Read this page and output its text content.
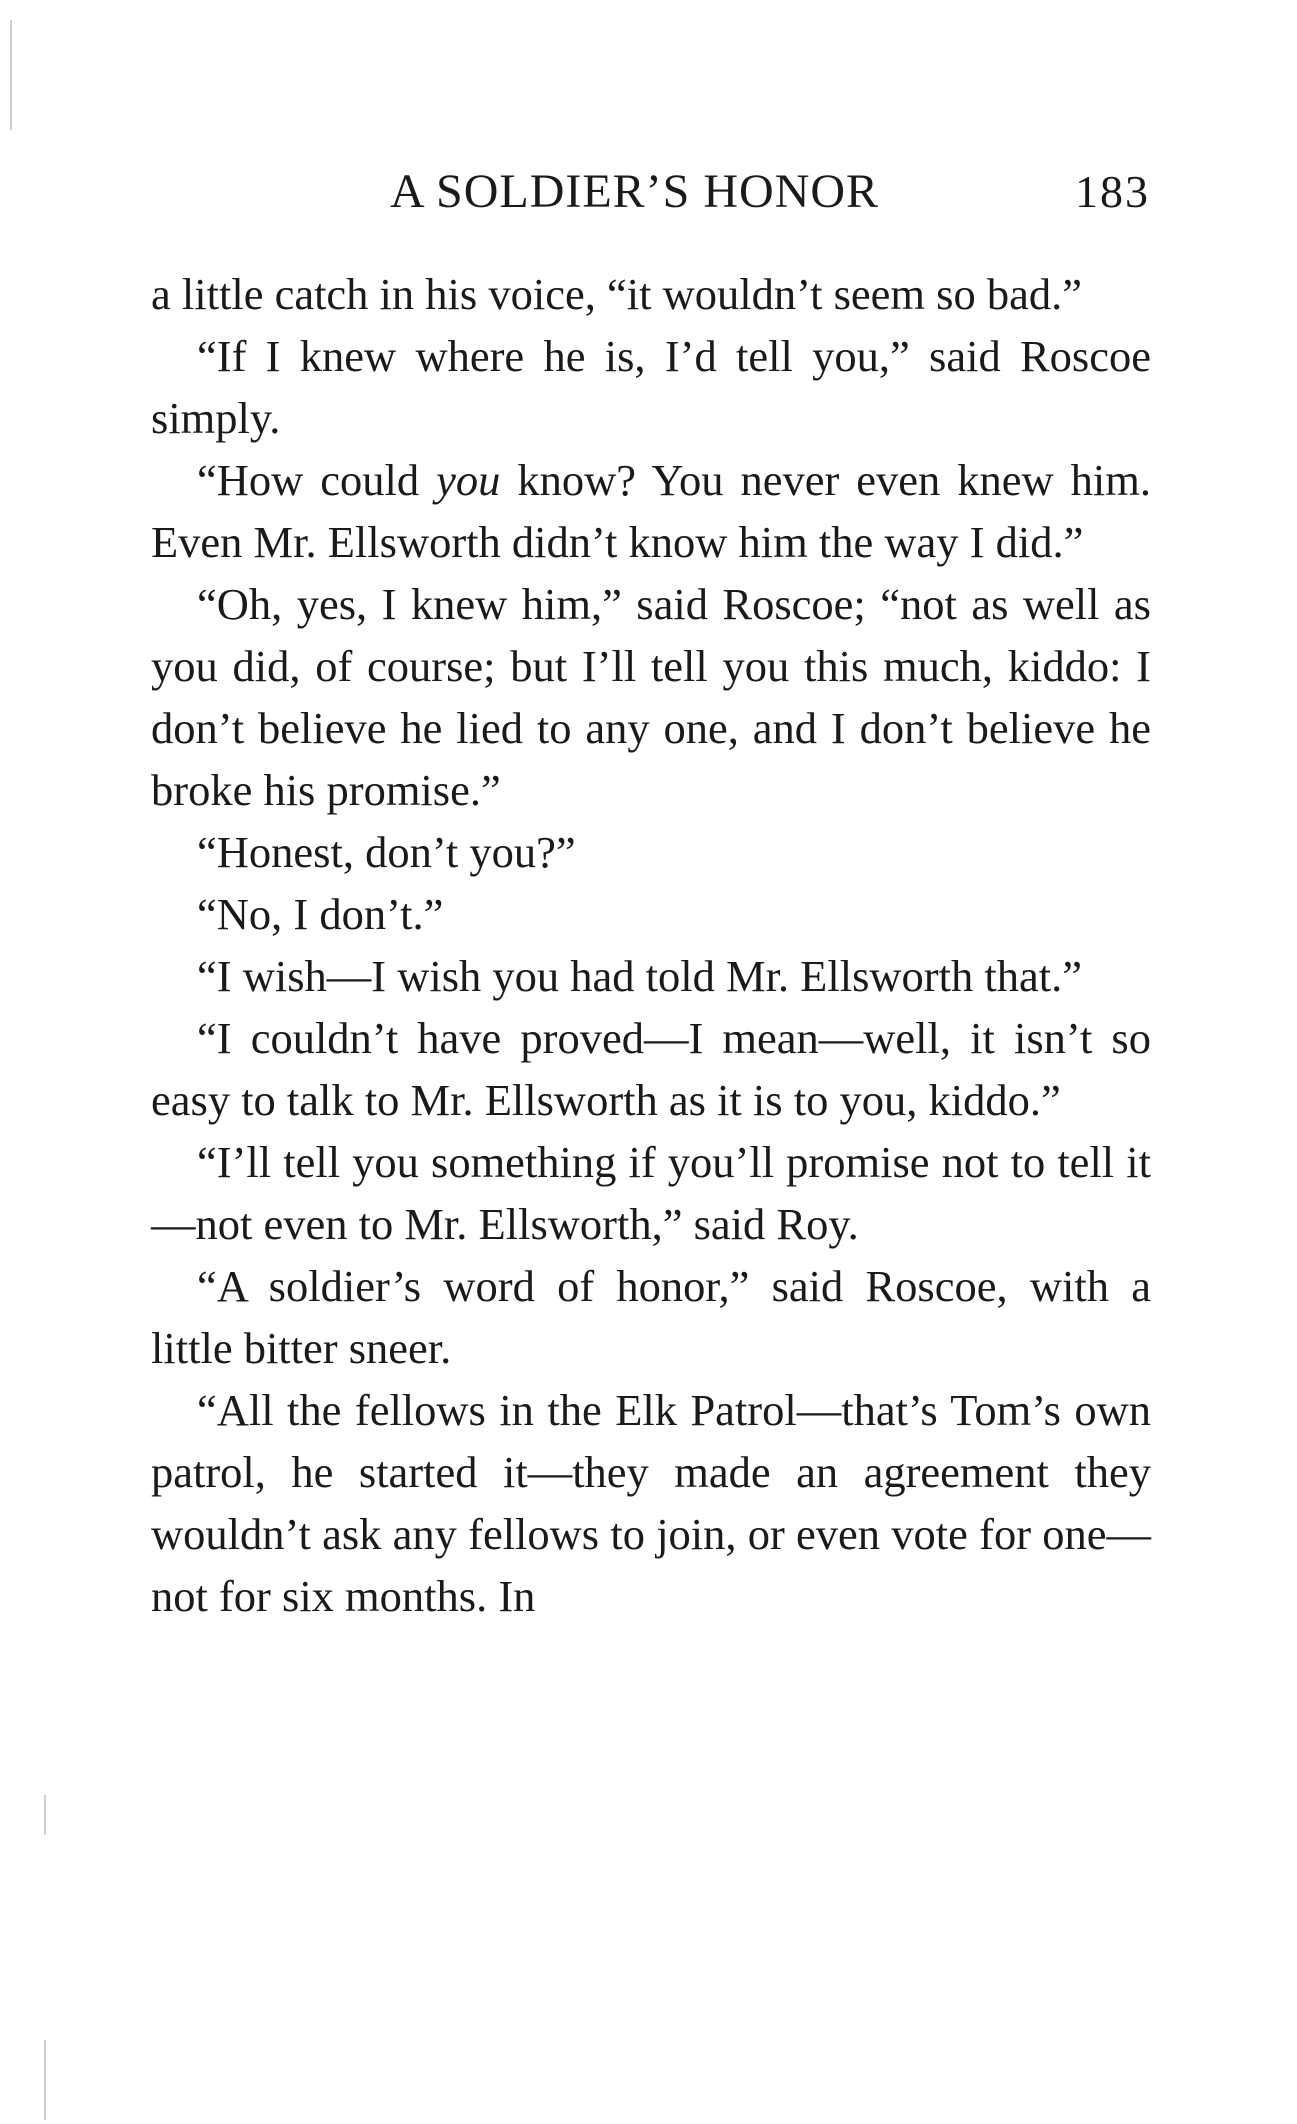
A SOLDIER’S HONOR	183

a little catch in his voice, “it wouldn’t seem so bad.”

“If I knew where he is, I’d tell you,” said Roscoe simply.

“How could you know? You never even knew him. Even Mr. Ellsworth didn’t know him the way I did.”

“Oh, yes, I knew him,” said Roscoe; “not as well as you did, of course; but I’ll tell you this much, kiddo: I don’t believe he lied to any one, and I don’t believe he broke his promise.”

“Honest, don’t you?”

“No, I don’t.”

“I wish—I wish you had told Mr. Ellsworth that.”

“I couldn’t have proved—I mean—well, it isn’t so easy to talk to Mr. Ellsworth as it is to you, kiddo.”

“I’ll tell you something if you’ll promise not to tell it—not even to Mr. Ellsworth,” said Roy.

“A soldier’s word of honor,” said Roscoe, with a little bitter sneer.

“All the fellows in the Elk Patrol—that’s Tom’s own patrol, he started it—they made an agreement they wouldn’t ask any fellows to join, or even vote for one—not for six months. In
